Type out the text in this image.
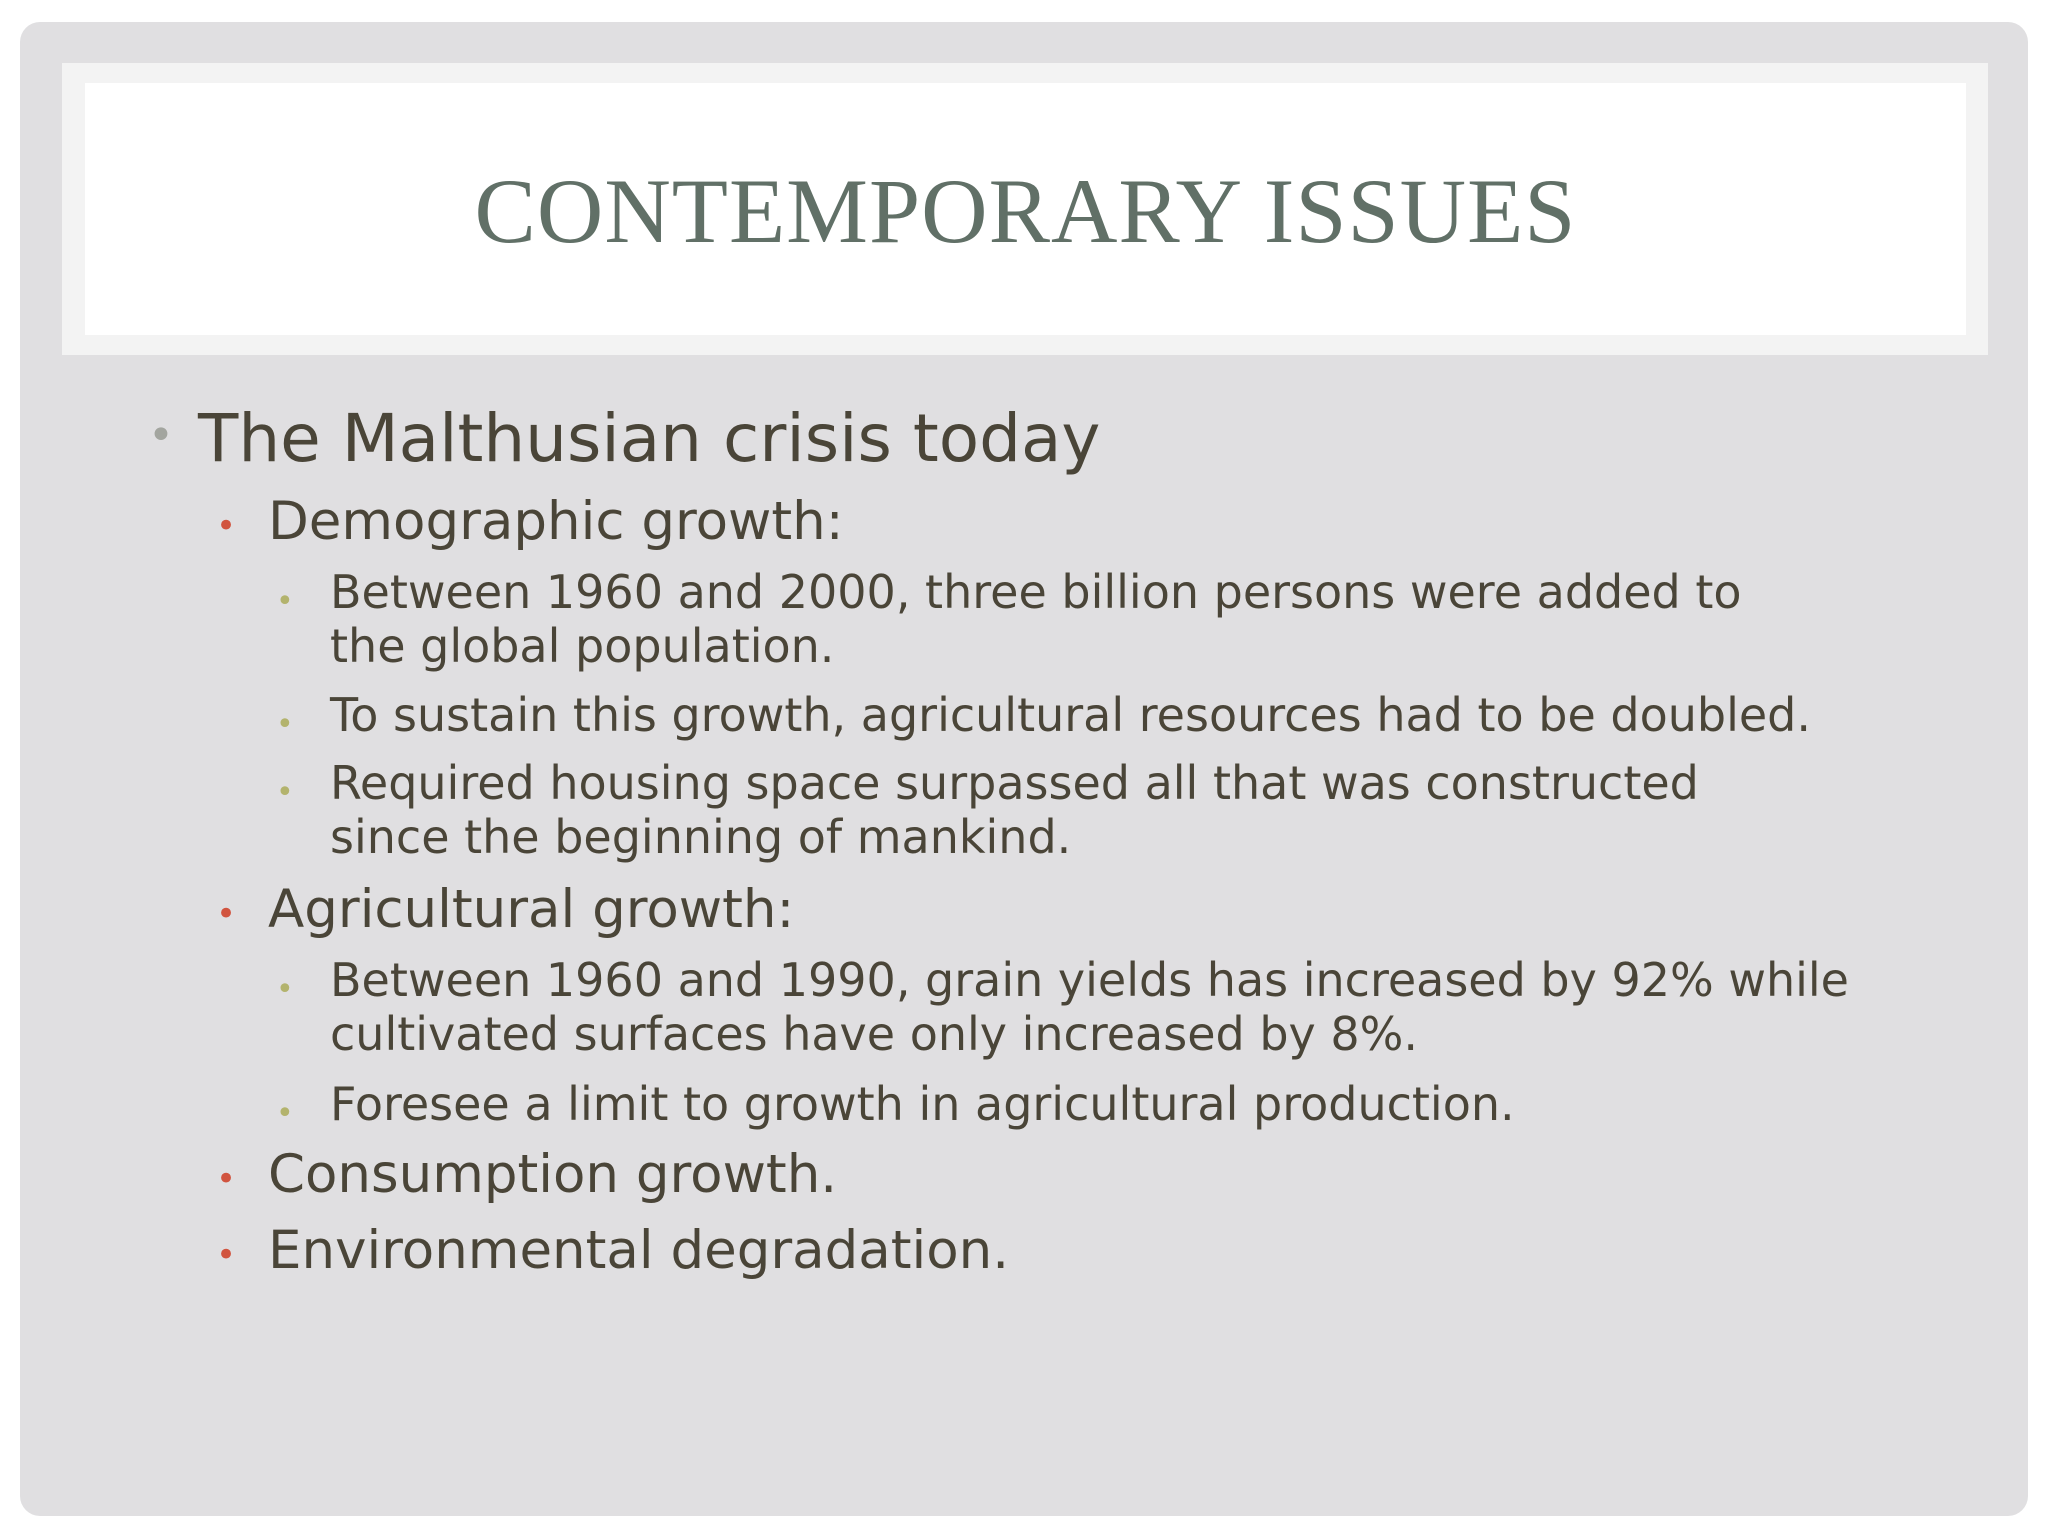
CONTEMPORARY ISSUES
• The Malthusian crisis today
• Demographic growth:
• Between 1960 and 2000, three billion persons were added to
the global population.
• To sustain this growth, agricultural resources had to be doubled.
• Required housing space surpassed all that was constructed
since the beginning of mankind.
• Agricultural growth:
• Between 1960 and 1990, grain yields has increased by 92% while
cultivated surfaces have only increased by 8%.
• Foresee a limit to growth in agricultural production.
• Consumption growth.
• Environmental degradation.
